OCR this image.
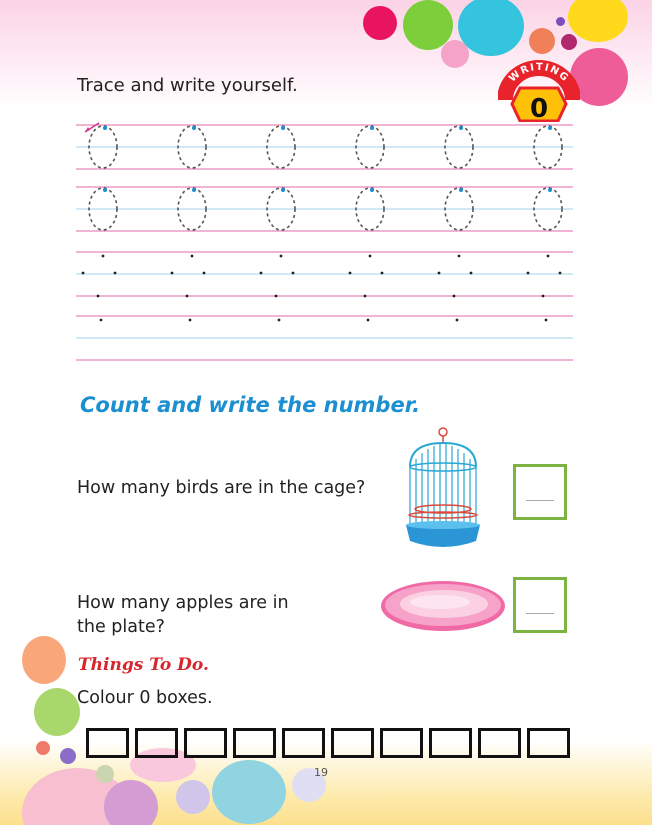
Trace and write yourself.	WRITING
0
Count and write the number.
How many birds are in the cage?
How many apples are in
the plate?
Things To Do.
Colour 0 boxes.
19
